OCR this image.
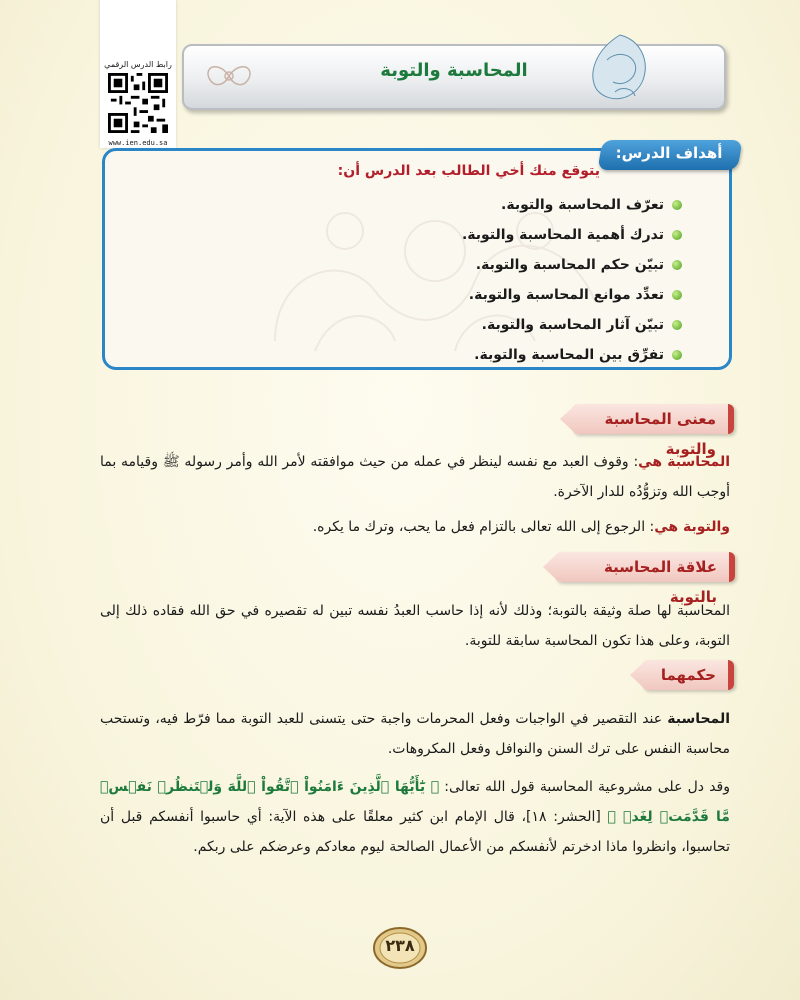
رابط الدرس الرقمي
www.ien.edu.sa
المحاسبة والتوبة
أهداف الدرس:
يتوقع منك أخي الطالب بعد الدرس أن:
تعرّف المحاسبة والتوبة.
تدرك أهمية المحاسبة والتوبة.
تبيّن حكم المحاسبة والتوبة.
تعدِّد موانع المحاسبة والتوبة.
تبيّن آثار المحاسبة والتوبة.
تفرِّق بين المحاسبة والتوبة.
معنى المحاسبة والتوبة
المحاسبة هي: وقوف العبد مع نفسه لينظر في عمله من حيث موافقته لأمر الله وأمر رسوله ﷺ وقيامه بما أوجب الله وتزوُّدُه للدار الآخرة.
والتوبة هي: الرجوع إلى الله تعالى بالتزام فعل ما يحب، وترك ما يكره.
علاقة المحاسبة بالتوبة
المحاسبة لها صلة وثيقة بالتوبة؛ وذلك لأنه إذا حاسب العبدُ نفسه تبين له تقصيره في حق الله فقاده ذلك إلى التوبة، وعلى هذا تكون المحاسبة سابقة للتوبة.
حكمهما
المحاسبة عند التقصير في الواجبات وفعل المحرمات واجبة حتى يتسنى للعبد التوبة مما فرّط فيه، وتستحب محاسبة النفس على ترك السنن والنوافل وفعل المكروهات.
وقد دل على مشروعية المحاسبة قول الله تعالى: ﴿ يَٰٓأَيُّهَا ٱلَّذِينَ ءَامَنُواْ ٱتَّقُواْ ٱللَّهَ وَلۡتَنظُرۡ نَفۡسٞ مَّا قَدَّمَتۡ لِغَدٖ ﴾ [الحشر: ١٨]، قال الإمام ابن كثير معلقًا على هذه الآية: أي حاسبوا أنفسكم قبل أن تحاسبوا، وانظروا ماذا ادخرتم لأنفسكم من الأعمال الصالحة ليوم معادكم وعرضكم على ربكم.
٢٣٨
